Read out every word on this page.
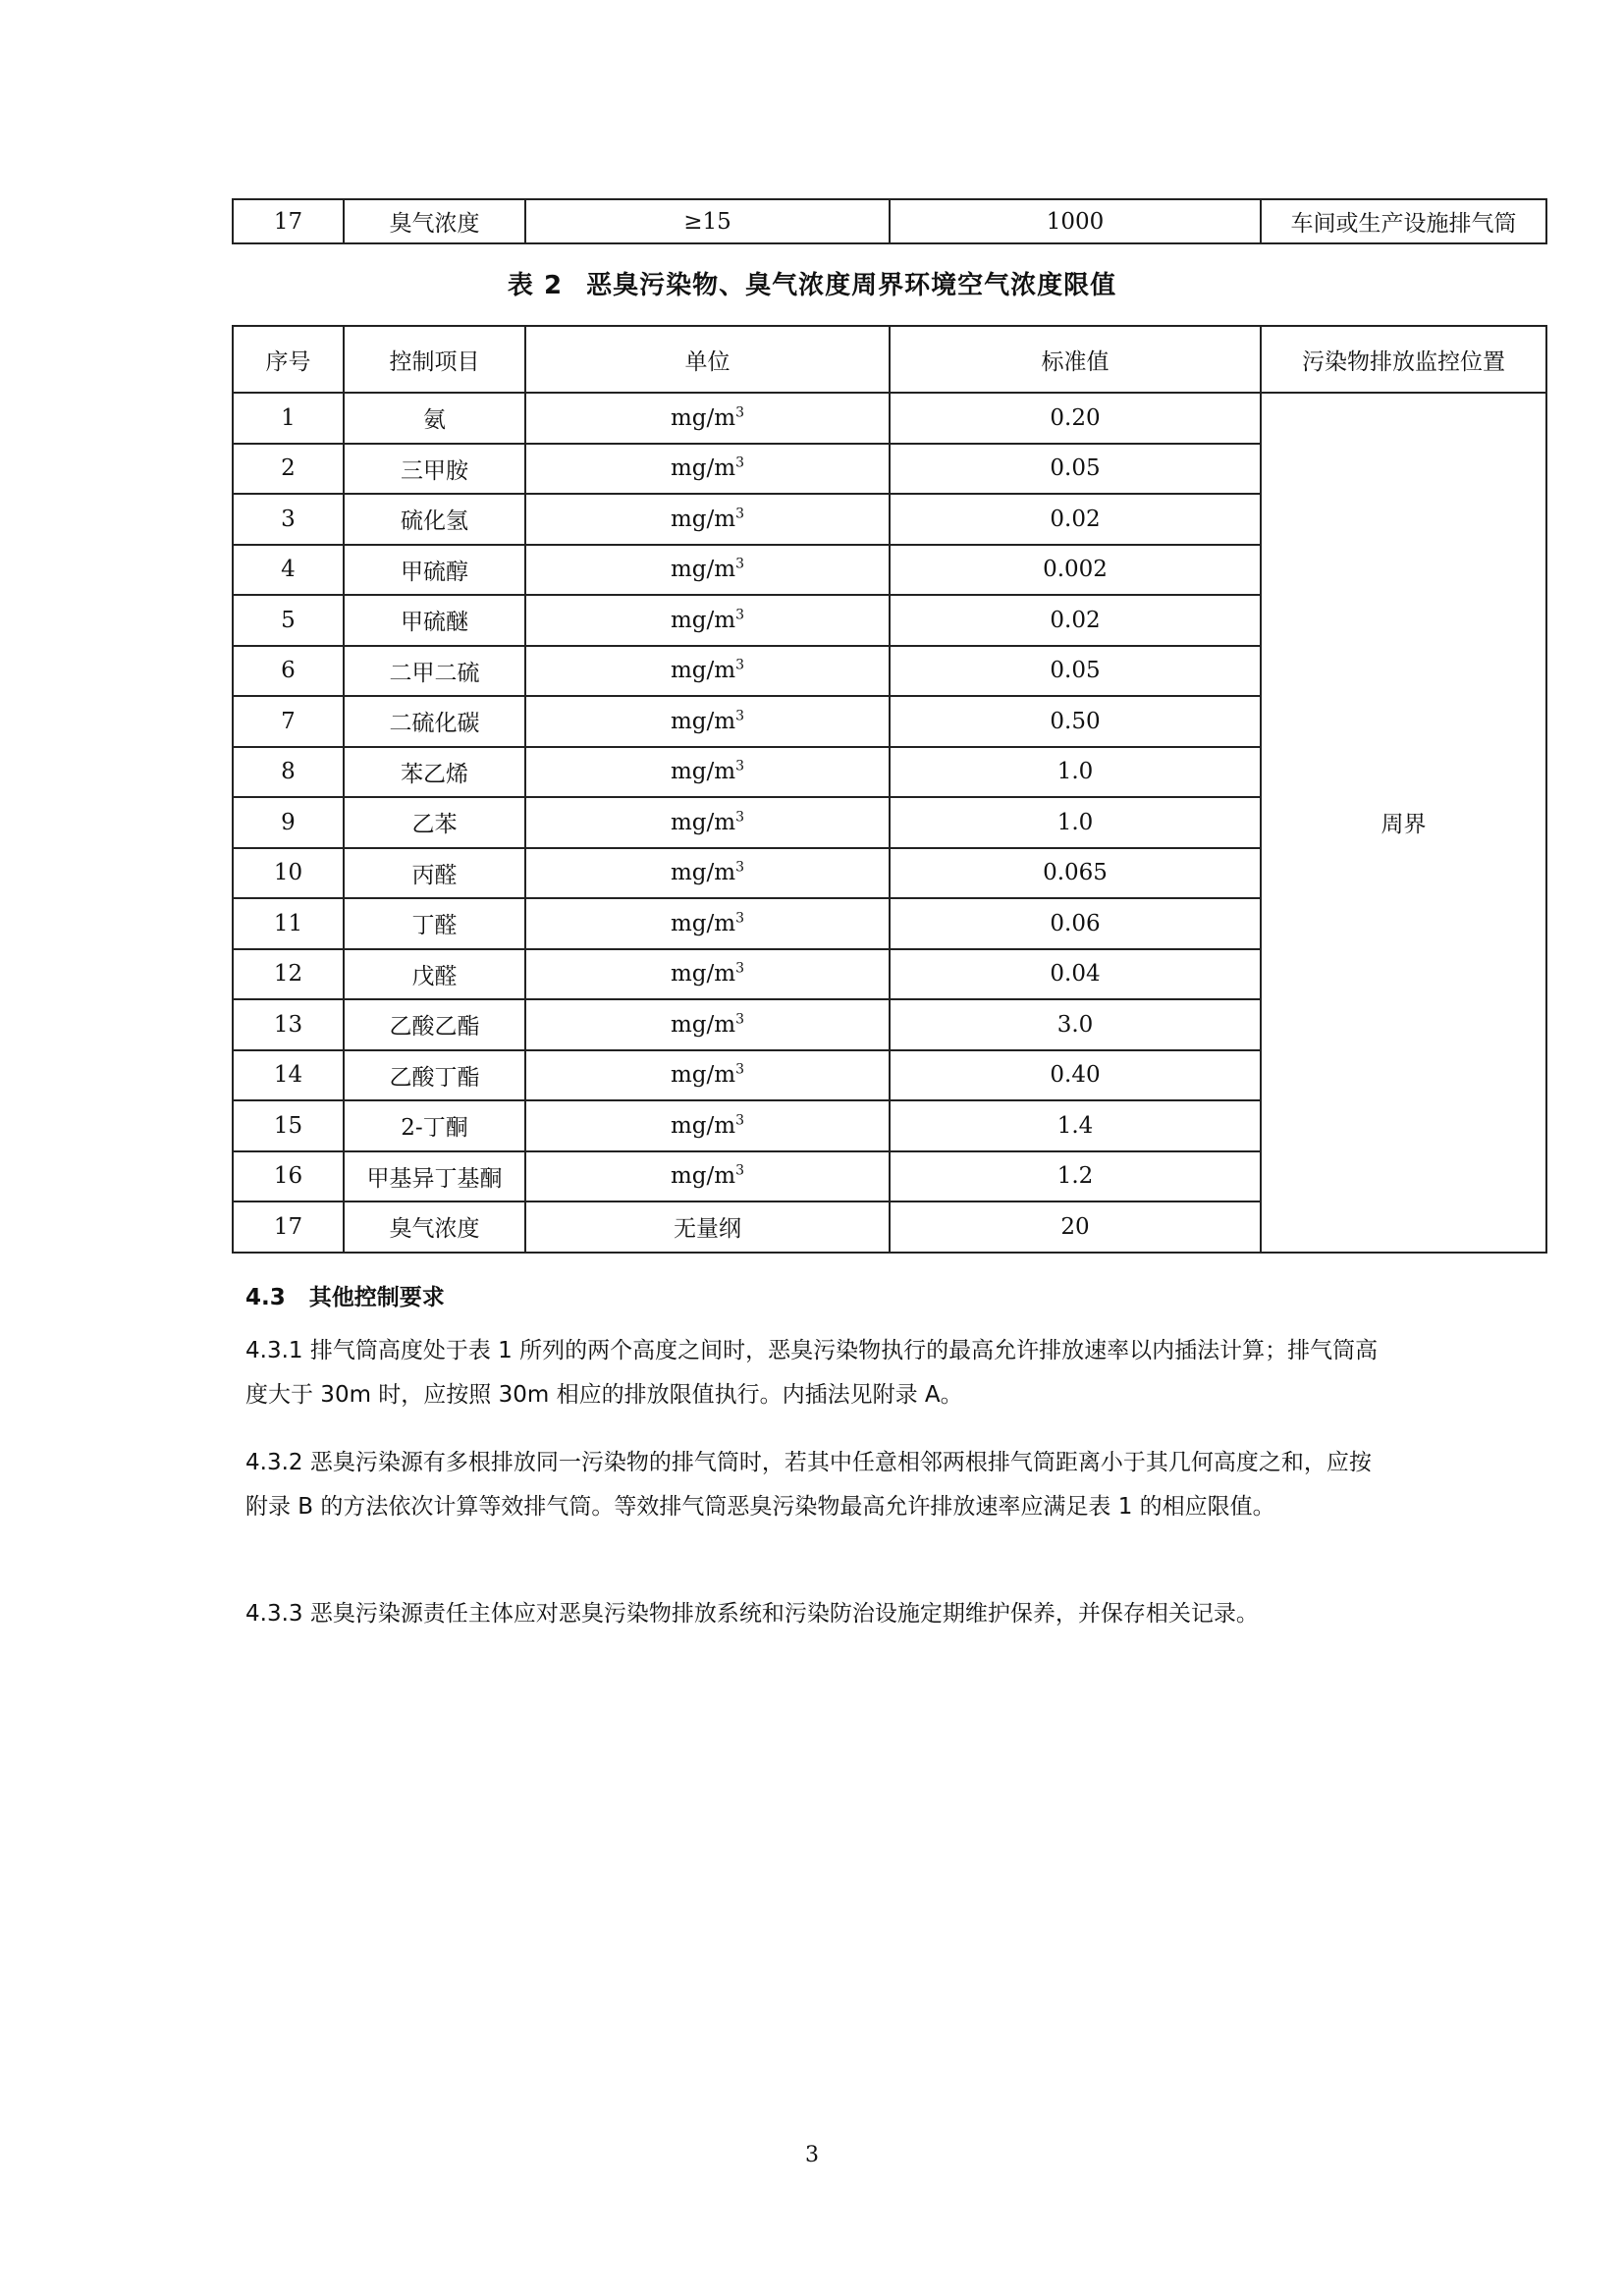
17	臭气浓度	≥15	1000	车间或生产设施排气筒
表 2 恶臭污染物、臭气浓度周界环境空气浓度限值
序号	控制项目	单位	标准值	污染物排放监控位置
1	氨	$mg/m^3$	0.20	周界
2	三甲胺	$mg/m^3$	0.05	
3	硫化氢	$mg/m^3$	0.02	
4	甲硫醇	$mg/m^3$	0.002	
5	甲硫醚	$mg/m^3$	0.02	
6	二甲二硫	$mg/m^3$	0.05	
7	二硫化碳	$mg/m^3$	0.50	
8	苯乙烯	$mg/m^3$	1.0	
9	乙苯	$mg/m^3$	1.0	
10	丙醛	$mg/m^3$	0.065	
11	丁醛	$mg/m^3$	0.06	
12	戊醛	$mg/m^3$	0.04	
13	乙酸乙酯	$mg/m^3$	3.0	
14	乙酸丁酯	$mg/m^3$	0.40	
15	2-丁酮	$mg/m^3$	1.4	
16	甲基异丁基酮	$mg/m^3$	1.2	
17	臭气浓度	无量纲	20	
4.3 其他控制要求
4.3.1 排气筒高度处于表 1 所列的两个高度之间时，恶臭污染物执行的最高允许排放速率以内插法计算；排气筒高度大于 30m 时，应按照 30m 相应的排放限值执行。内插法见附录 A。
4.3.2 恶臭污染源有多根排放同一污染物的排气筒时，若其中任意相邻两根排气筒距离小于其几何高度之和，应按附录 B 的方法依次计算等效排气筒。等效排气筒恶臭污染物最高允许排放速率应满足表 1 的相应限值。
4.3.3 恶臭污染源责任主体应对恶臭污染物排放系统和污染防治设施定期维护保养，并保存相关记录。
3
